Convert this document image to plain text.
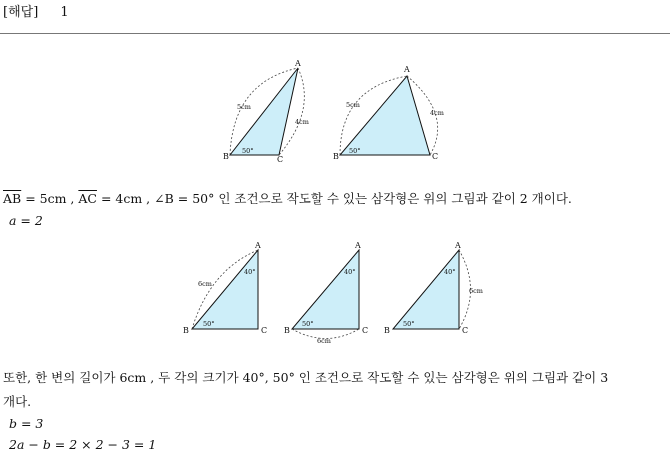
[해답] 1
B	C
A
5cm
4cm
50°
B	C
A
5cm
4cm
50°
$\overline{AB} = 5cm$ , $\overline{AC} = 4cm$ , ∠B = 50° 인 조건으로 작도할 수 있는 삼각형은 위의 그림과 같이 2 개이다.
a = 2
B	C
A
6cm
40°
50°
B	C
A
6cm
40°
50°
B	C
A
6cm
40°
50°
또한, 한 변의 길이가 6cm , 두 각의 크기가 40°, 50° 인 조건으로 작도할 수 있는 삼각형은 위의 그림과 같이 3
개다.
b = 3
2a − b = 2 × 2 − 3 = 1
